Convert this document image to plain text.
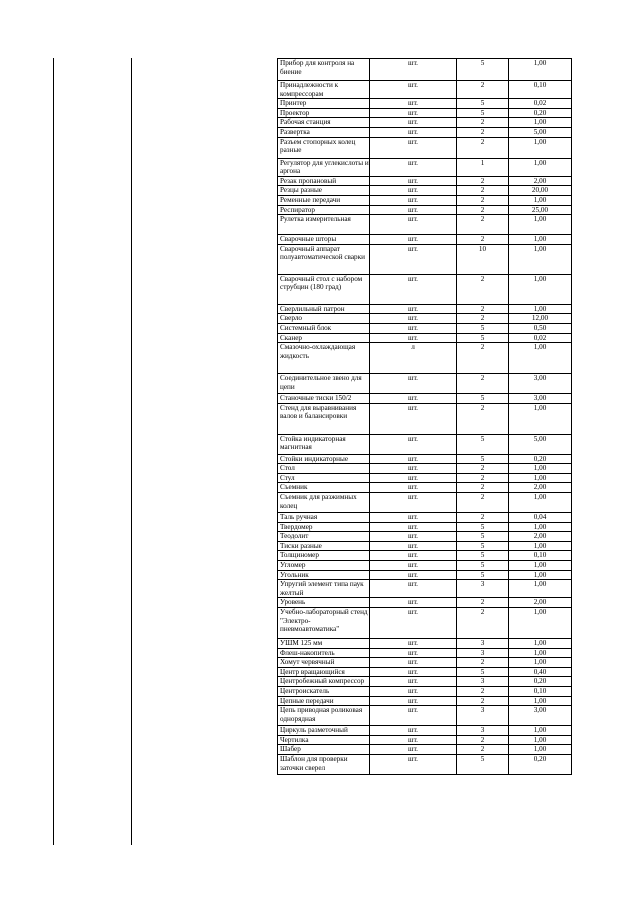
Прибор для контроля на биение	шт.	5	1,00
Принадлежности к компрессорам	шт.	2	0,10
Принтер	шт.	5	0,02
Проектор	шт.	5	0,20
Рабочая станция	шт.	2	1,00
Развертка	шт.	2	5,00
Разъем стопорных колец разные	шт.	2	1,00
Регулятор для углекислоты и аргона	шт.	1	1,00
Резак пропановый	шт.	2	2,00
Резцы разные	шт.	2	20,00
Ременные передачи	шт.	2	1,00
Респиратор	шт.	2	25,00
Рулетка измерительная	шт.	2	1,00
Сварочные шторы	шт.	2	1,00
Сварочный аппарат полуавтоматической сварки	шт.	10	1,00
Сварочный стол с набором струбцин (180 град)	шт.	2	1,00
Сверлильный патрон	шт.	2	1,00
Сверло	шт.	2	12,00
Системный блок	шт.	5	0,50
Сканер	шт.	5	0,02
Смазочно-охлаждающая жидкость	л	2	1,00
Соединительное звено для цепи	шт.	2	3,00
Станочные тиски 150/2	шт.	5	3,00
Стенд для выравнивания валов и балансировки	шт.	2	1,00
Стойка индикаторная магнитная	шт.	5	5,00
Стойки индикаторные	шт.	5	0,20
Стол	шт.	2	1,00
Стул	шт.	2	1,00
Съемник	шт.	2	2,00
Съемник для разжимных колец	шт.	2	1,00
Таль ручная	шт.	2	0,04
Твердомер	шт.	5	1,00
Теодолит	шт.	5	2,00
Тиски разные	шт.	5	1,00
Толщиномер	шт.	5	0,10
Угломер	шт.	5	1,00
Угольник	шт.	5	1,00
Упругий элемент типа паук желтый	шт.	3	1,00
Уровень	шт.	2	2,00
Учебно-лабораторный стенд "Электро-пневмоавтоматика"	шт.	2	1,00
УШМ 125 мм	шт.	3	1,00
Флеш-накопитель	шт.	3	1,00
Хомут червячный	шт.	2	1,00
Центр вращающийся	шт.	5	0,40
Центробежный компрессор	шт.	3	0,20
Центроискатель	шт.	2	0,10
Цепные передачи	шт.	2	1,00
Цепь приводная роликовая однорядная	шт.	3	3,00
Циркуль разметочный	шт.	3	1,00
Чертилка	шт.	2	1,00
Шабер	шт.	2	1,00
Шаблон для проверки заточки сверел	шт.	5	0,20
